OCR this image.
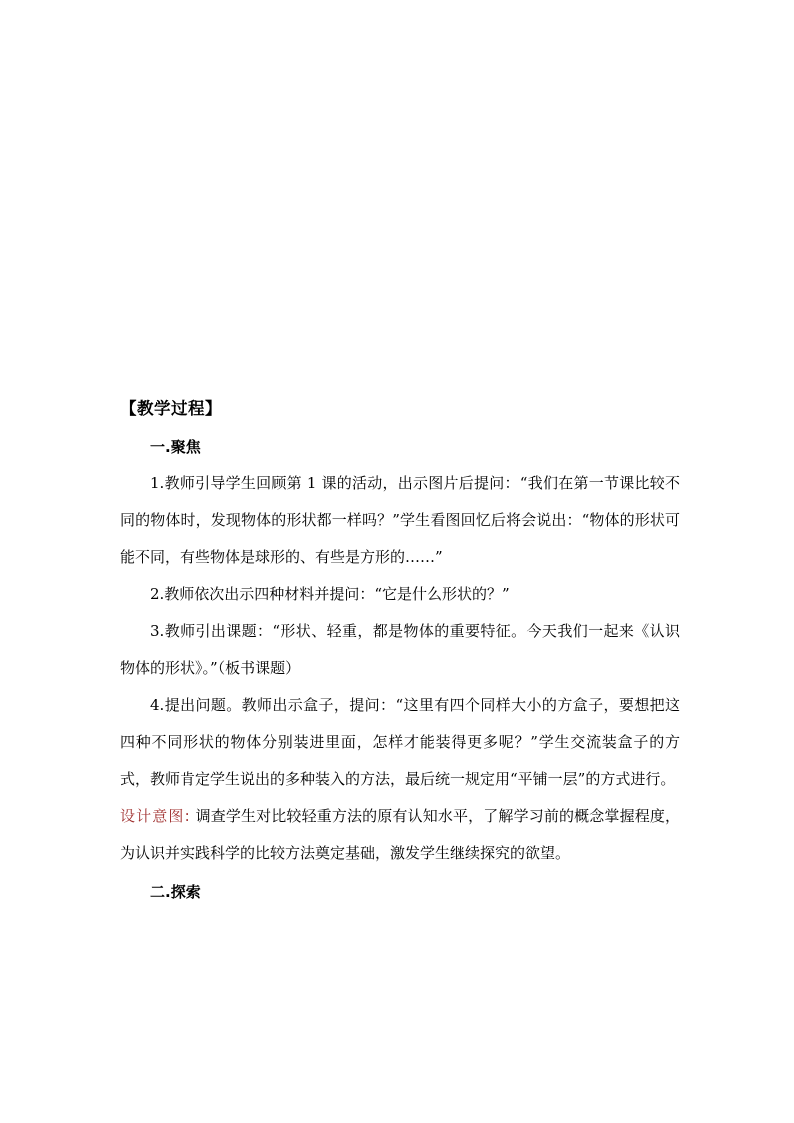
【教学过程】
一.聚焦

1.教师引导学生回顾第 1 课的活动，出示图片后提问：“我们在第一节课比较不同的物体时，发现物体的形状都一样吗？”学生看图回忆后将会说出：“物体的形状可能不同，有些物体是球形的、有些是方形的……”

2.教师依次出示四种材料并提问：“它是什么形状的？”

3.教师引出课题：“形状、轻重，都是物体的重要特征。今天我们一起来《认识物体的形状》。”（板书课题）

4.提出问题。教师出示盒子，提问：“这里有四个同样大小的方盒子，要想把这四种不同形状的物体分别装进里面，怎样才能装得更多呢？”学生交流装盒子的方式，教师肯定学生说出的多种装入的方法，最后统一规定用“平铺一层”的方式进行。

设计意图: 调查学生对比较轻重方法的原有认知水平，了解学习前的概念掌握程度，为认识并实践科学的比较方法奠定基础，激发学生继续探究的欲望。

二.探索
